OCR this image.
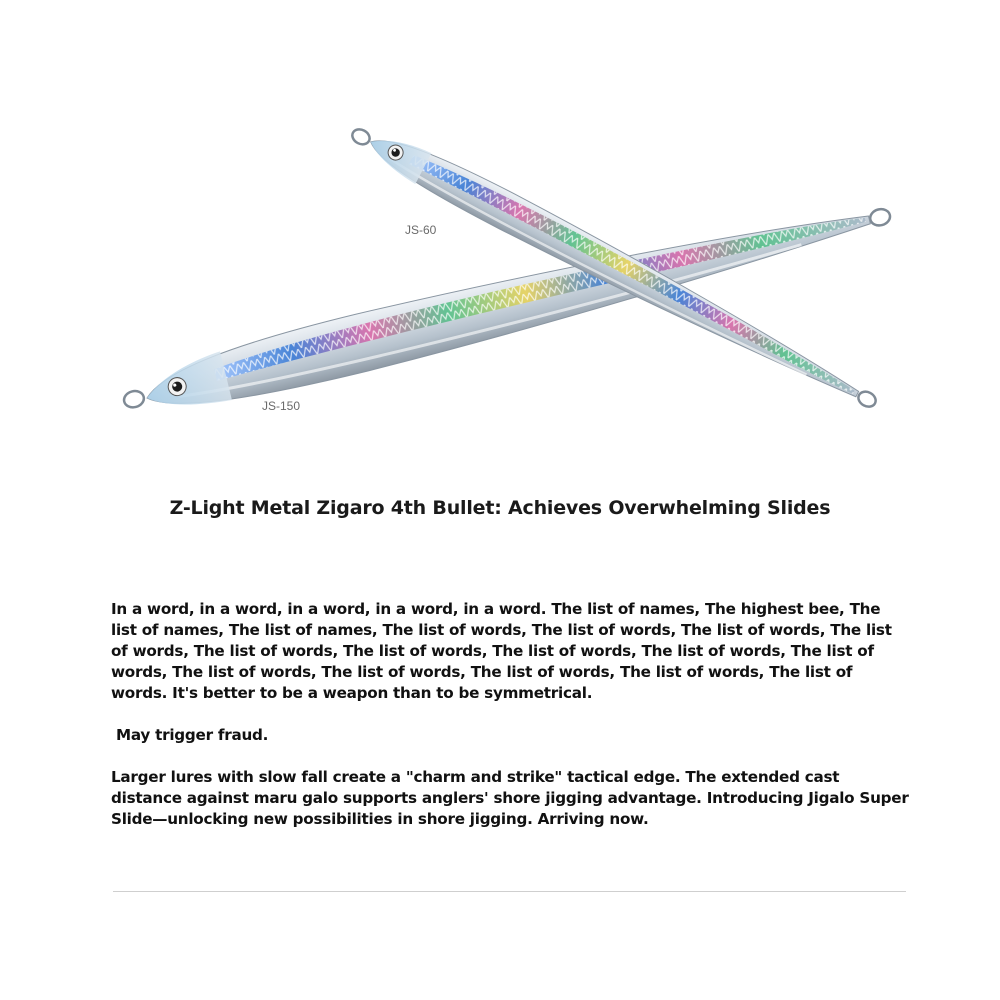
JS-60
JS-150
Z-Light Metal Zigaro 4th Bullet: Achieves Overwhelming Slides

In a word, in a word, in a word, in a word, in a word. The list of names, The highest bee, The list of names, The list of names, The list of words, The list of words, The list of words, The list of words, The list of words, The list of words, The list of words, The list of words, The list of words, The list of words, The list of words, The list of words, The list of words, The list of words. It's better to be a weapon than to be symmetrical.

May trigger fraud.

Larger lures with slow fall create a "charm and strike" tactical edge. The extended cast distance against maru galo supports anglers' shore jigging advantage. Introducing Jigalo Super Slide—unlocking new possibilities in shore jigging. Arriving now.
